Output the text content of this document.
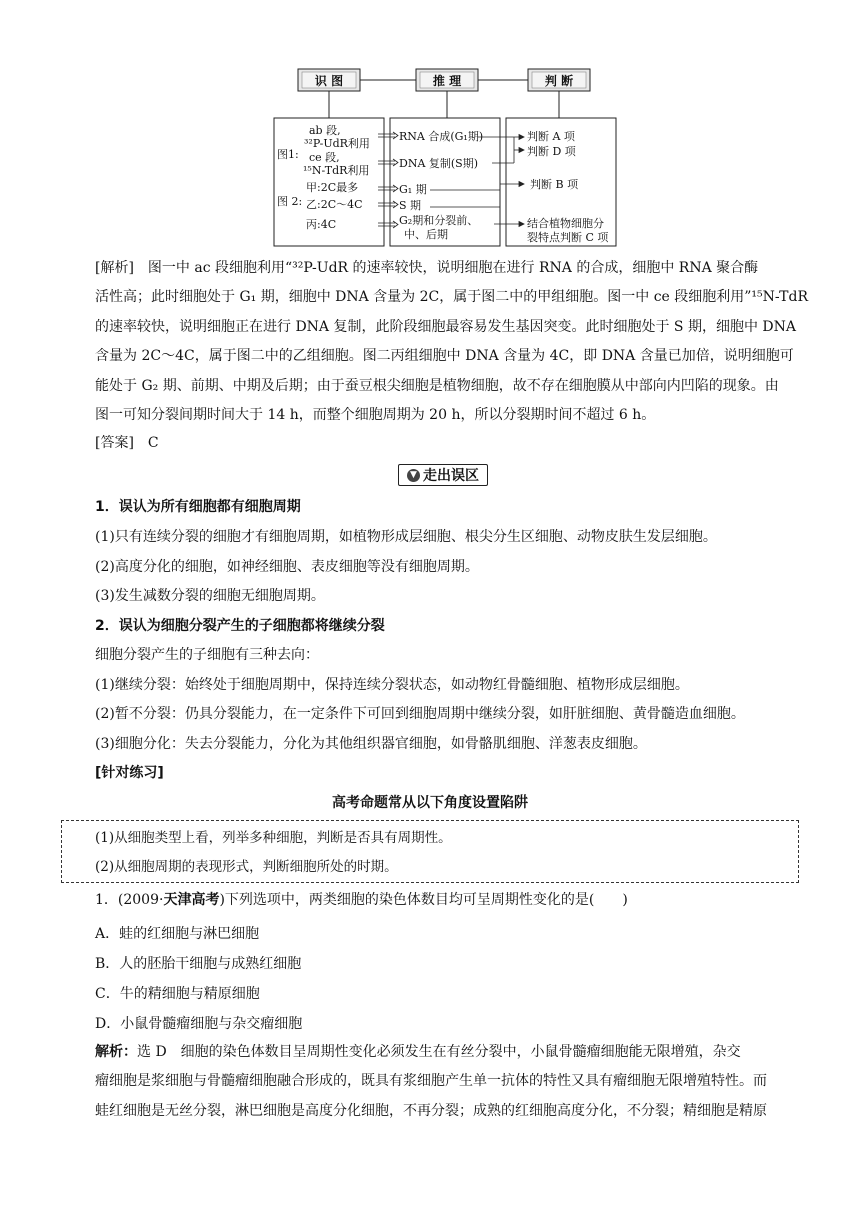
识 图	推 理	判 断
图1:
ab 段,
³²P-UdR利用
ce 段,
¹⁵N-TdR利用
图 2:
甲:2C最多
乙:2C～4C
丙:4C
RNA 合成(G₁期)
DNA 复制(S期)
G₁ 期
S 期
G₂期和分裂前、
中、后期
判断 A 项
判断 D 项
判断 B 项
结合植物细胞分
裂特点判断 C 项
[解析]　图一中 ac 段细胞利用“³²P-UdR 的速率较快，说明细胞在进行 RNA 的合成，细胞中 RNA 聚合酶
活性高；此时细胞处于 G₁ 期，细胞中 DNA 含量为 2C，属于图二中的甲组细胞。图一中 ce 段细胞利用”¹⁵N-TdR
的速率较快，说明细胞正在进行 DNA 复制，此阶段细胞最容易发生基因突变。此时细胞处于 S 期，细胞中 DNA
含量为 2C～4C，属于图二中的乙组细胞。图二丙组细胞中 DNA 含量为 4C，即 DNA 含量已加倍，说明细胞可
能处于 G₂ 期、前期、中期及后期；由于蚕豆根尖细胞是植物细胞，故不存在细胞膜从中部向内凹陷的现象。由
图一可知分裂间期时间大于 14 h，而整个细胞周期为 20 h，所以分裂期时间不超过 6 h。
[答案]　C
▼ 走出误区
1．误认为所有细胞都有细胞周期
(1)只有连续分裂的细胞才有细胞周期，如植物形成层细胞、根尖分生区细胞、动物皮肤生发层细胞。
(2)高度分化的细胞，如神经细胞、表皮细胞等没有细胞周期。
(3)发生减数分裂的细胞无细胞周期。
2．误认为细胞分裂产生的子细胞都将继续分裂
细胞分裂产生的子细胞有三种去向：
(1)继续分裂：始终处于细胞周期中，保持连续分裂状态，如动物红骨髓细胞、植物形成层细胞。
(2)暂不分裂：仍具分裂能力，在一定条件下可回到细胞周期中继续分裂，如肝脏细胞、黄骨髓造血细胞。
(3)细胞分化：失去分裂能力，分化为其他组织器官细胞，如骨骼肌细胞、洋葱表皮细胞。
[针对练习]
高考命题常从以下角度设置陷阱
(1)从细胞类型上看，列举多种细胞，判断是否具有周期性。
(2)从细胞周期的表现形式，判断细胞所处的时期。
1．(2009·天津高考)下列选项中，两类细胞的染色体数目均可呈周期性变化的是(　　)
A．蛙的红细胞与淋巴细胞
B．人的胚胎干细胞与成熟红细胞
C．牛的精细胞与精原细胞
D．小鼠骨髓瘤细胞与杂交瘤细胞
解析：选 D　细胞的染色体数目呈周期性变化必须发生在有丝分裂中，小鼠骨髓瘤细胞能无限增殖，杂交
瘤细胞是浆细胞与骨髓瘤细胞融合形成的，既具有浆细胞产生单一抗体的特性又具有瘤细胞无限增殖特性。而
蛙红细胞是无丝分裂，淋巴细胞是高度分化细胞，不再分裂；成熟的红细胞高度分化，不分裂；精细胞是精原
